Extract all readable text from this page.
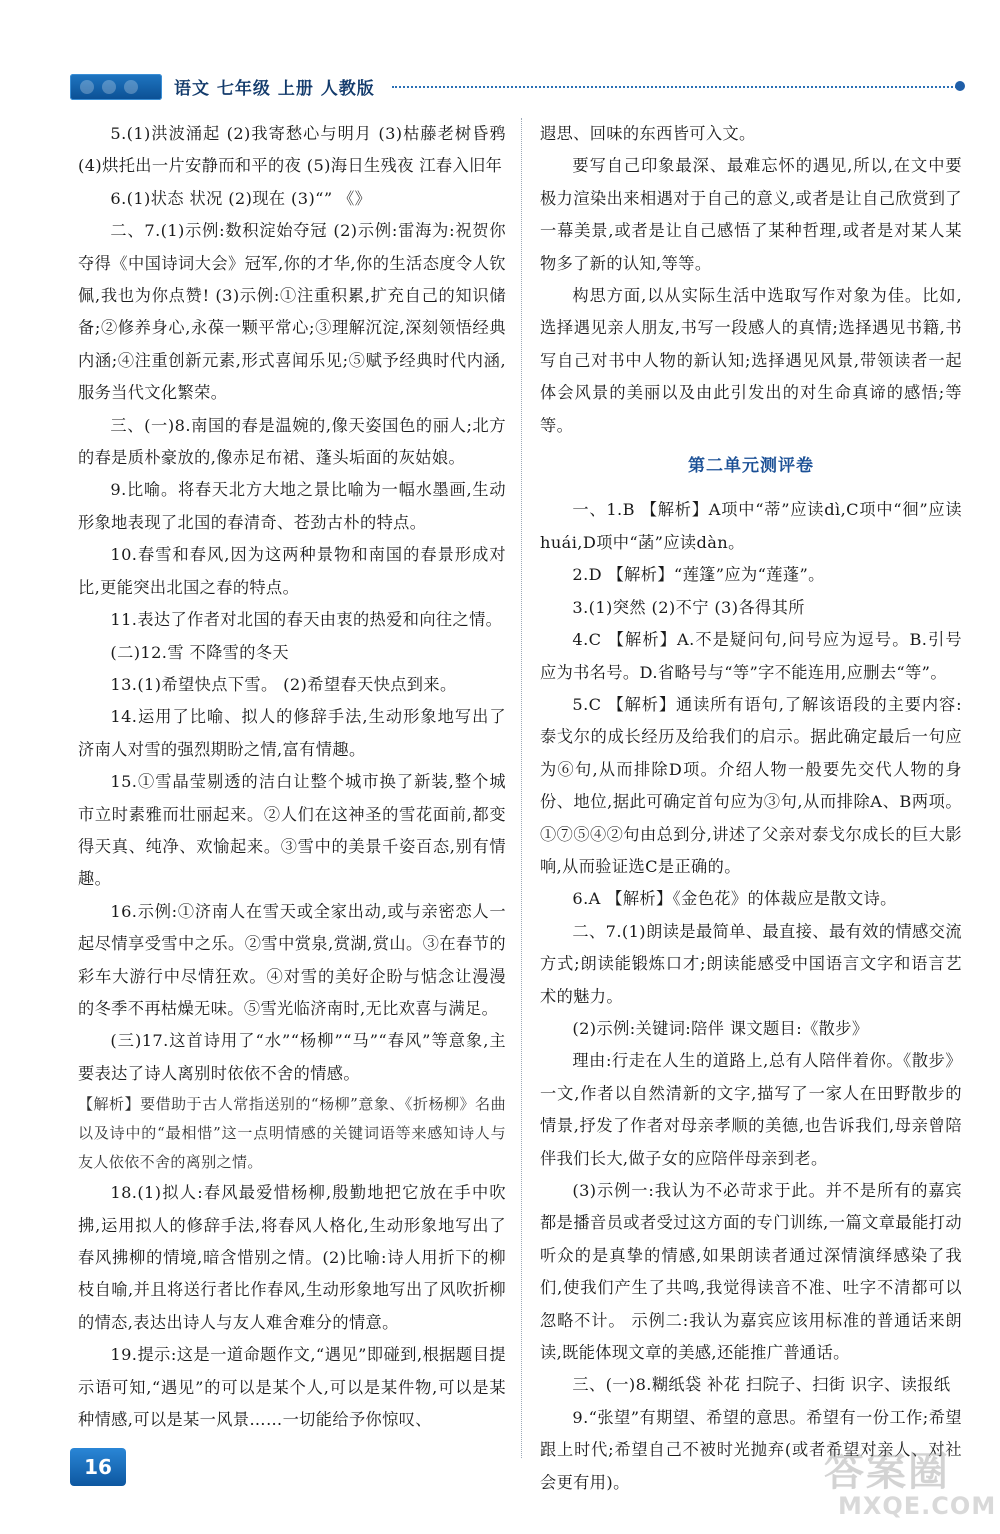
语文 七年级 上册 人教版

5.(1)洪波涌起 (2)我寄愁心与明月 (3)枯藤老树昏鸦 (4)烘托出一片安静而和平的夜 (5)海日生残夜 江春入旧年

6.(1)状态 状况 (2)现在 (3)“” 《》

二、7.(1)示例:数积淀始夺冠 (2)示例:雷海为:祝贺你夺得《中国诗词大会》冠军,你的才华,你的生活态度令人钦佩,我也为你点赞! (3)示例:①注重积累,扩充自己的知识储备;②修养身心,永葆一颗平常心;③理解沉淀,深刻领悟经典内涵;④注重创新元素,形式喜闻乐见;⑤赋予经典时代内涵,服务当代文化繁荣。

三、(一)8.南国的春是温婉的,像天姿国色的丽人;北方的春是质朴豪放的,像赤足布裙、蓬头垢面的灰姑娘。

9.比喻。将春天北方大地之景比喻为一幅水墨画,生动形象地表现了北国的春清奇、苍劲古朴的特点。

10.春雪和春风,因为这两种景物和南国的春景形成对比,更能突出北国之春的特点。

11.表达了作者对北国的春天由衷的热爱和向往之情。

(二)12.雪 不降雪的冬天

13.(1)希望快点下雪。 (2)希望春天快点到来。

14.运用了比喻、拟人的修辞手法,生动形象地写出了济南人对雪的强烈期盼之情,富有情趣。

15.①雪晶莹剔透的洁白让整个城市换了新装,整个城市立时素雅而壮丽起来。②人们在这神圣的雪花面前,都变得天真、纯净、欢愉起来。③雪中的美景千姿百态,别有情趣。

16.示例:①济南人在雪天或全家出动,或与亲密恋人一起尽情享受雪中之乐。②雪中赏泉,赏湖,赏山。③在春节的彩车大游行中尽情狂欢。④对雪的美好企盼与惦念让漫漫的冬季不再枯燥无味。⑤雪光临济南时,无比欢喜与满足。

(三)17.这首诗用了“水”“杨柳”“马”“春风”等意象,主要表达了诗人离别时依依不舍的情感。

【解析】要借助于古人常指送别的“杨柳”意象、《折杨柳》名曲以及诗中的“最相惜”这一点明情感的关键词语等来感知诗人与友人依依不舍的离别之情。

18.(1)拟人:春风最爱惜杨柳,殷勤地把它放在手中吹拂,运用拟人的修辞手法,将春风人格化,生动形象地写出了春风拂柳的情境,暗含惜别之情。(2)比喻:诗人用折下的柳枝自喻,并且将送行者比作春风,生动形象地写出了风吹折柳的情态,表达出诗人与友人难舍难分的情意。

19.提示:这是一道命题作文,“遇见”即碰到,根据题目提示语可知,“遇见”的可以是某个人,可以是某件物,可以是某种情感,可以是某一风景……一切能给予你惊叹、

遐思、回味的东西皆可入文。

要写自己印象最深、最难忘怀的遇见,所以,在文中要极力渲染出来相遇对于自己的意义,或者是让自己欣赏到了一幕美景,或者是让自己感悟了某种哲理,或者是对某人某物多了新的认知,等等。

构思方面,以从实际生活中选取写作对象为佳。比如,选择遇见亲人朋友,书写一段感人的真情;选择遇见书籍,书写自己对书中人物的新认知;选择遇见风景,带领读者一起体会风景的美丽以及由此引发出的对生命真谛的感悟;等等。

第二单元测评卷

一、1.B 【解析】A项中“蒂”应读dì,C项中“徊”应读huái,D项中“菡”应读dàn。

2.D 【解析】“莲篷”应为“莲蓬”。

3.(1)突然 (2)不宁 (3)各得其所

4.C 【解析】A.不是疑问句,问号应为逗号。B.引号应为书名号。D.省略号与“等”字不能连用,应删去“等”。

5.C 【解析】通读所有语句,了解该语段的主要内容:泰戈尔的成长经历及给我们的启示。据此确定最后一句应为⑥句,从而排除D项。介绍人物一般要先交代人物的身份、地位,据此可确定首句应为③句,从而排除A、B两项。①⑦⑤④②句由总到分,讲述了父亲对泰戈尔成长的巨大影响,从而验证选C是正确的。

6.A 【解析】《金色花》的体裁应是散文诗。

二、7.(1)朗读是最简单、最直接、最有效的情感交流方式;朗读能锻炼口才;朗读能感受中国语言文字和语言艺术的魅力。

(2)示例:关键词:陪伴 课文题目:《散步》

理由:行走在人生的道路上,总有人陪伴着你。《散步》一文,作者以自然清新的文字,描写了一家人在田野散步的情景,抒发了作者对母亲孝顺的美德,也告诉我们,母亲曾陪伴我们长大,做子女的应陪伴母亲到老。

(3)示例一:我认为不必苛求于此。并不是所有的嘉宾都是播音员或者受过这方面的专门训练,一篇文章最能打动听众的是真挚的情感,如果朗读者通过深情演绎感染了我们,使我们产生了共鸣,我觉得读音不准、吐字不清都可以忽略不计。 示例二:我认为嘉宾应该用标准的普通话来朗读,既能体现文章的美感,还能推广普通话。

三、(一)8.糊纸袋 补花 扫院子、扫街 识字、读报纸

9.“张望”有期望、希望的意思。希望有一份工作;希望跟上时代;希望自己不被时光抛弃(或者希望对亲人、对社会更有用)。

16	答案圈
MXQE.COM
